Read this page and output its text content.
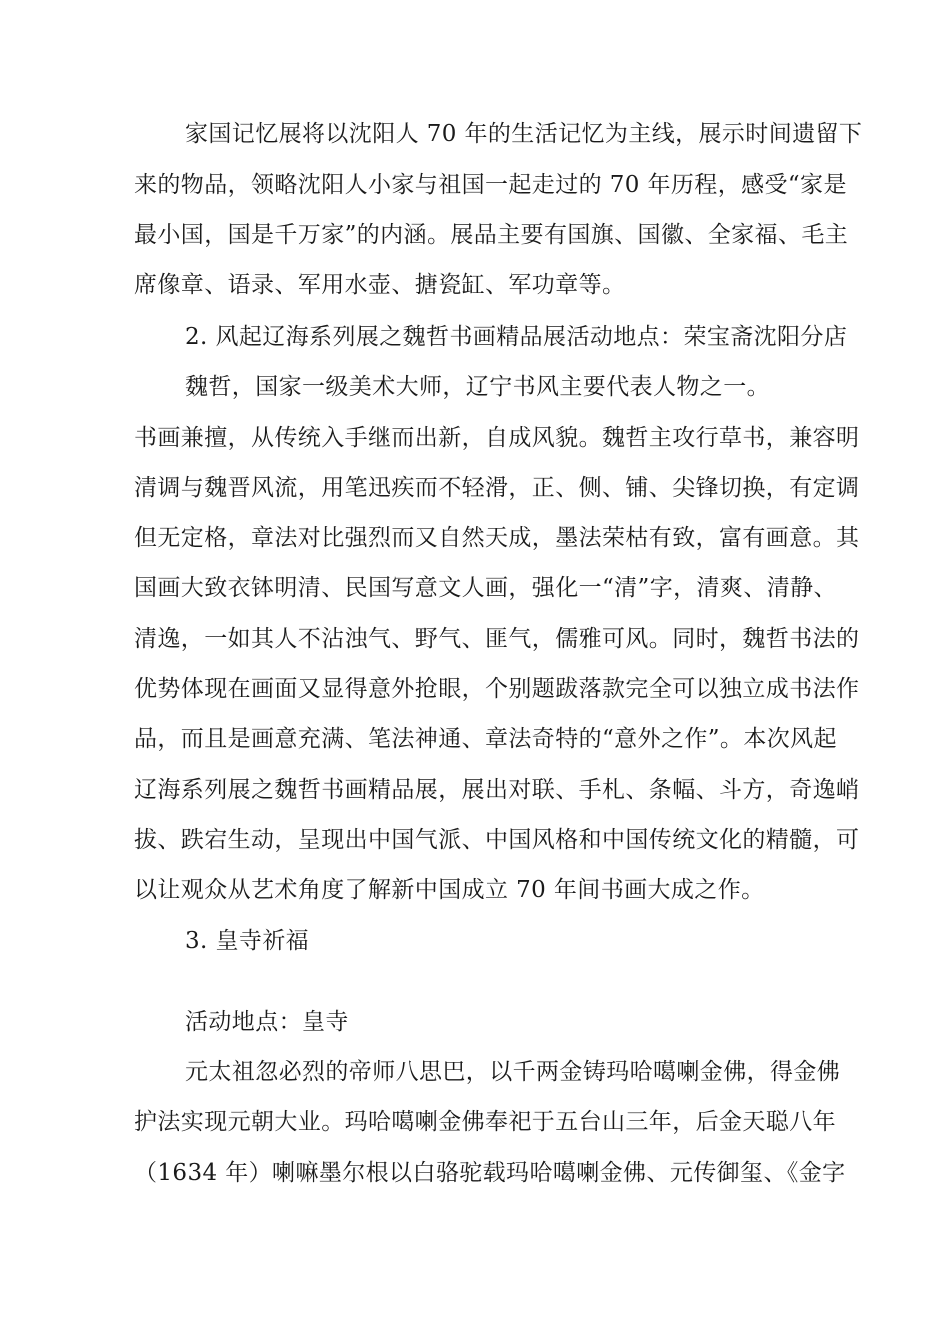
家国记忆展将以沈阳人 70 年的生活记忆为主线，展示时间遗留下
来的物品，领略沈阳人小家与祖国一起走过的 70 年历程，感受“家是
最小国，国是千万家”的内涵。展品主要有国旗、国徽、全家福、毛主
席像章、语录、军用水壶、搪瓷缸、军功章等。
2. 风起辽海系列展之魏哲书画精品展活动地点：荣宝斋沈阳分店
魏哲，国家一级美术大师，辽宁书风主要代表人物之一。
书画兼擅，从传统入手继而出新，自成风貌。魏哲主攻行草书，兼容明
清调与魏晋风流，用笔迅疾而不轻滑，正、侧、铺、尖锋切换，有定调
但无定格，章法对比强烈而又自然天成，墨法荣枯有致，富有画意。其
国画大致衣钵明清、民国写意文人画，强化一“清”字，清爽、清静、
清逸，一如其人不沾浊气、野气、匪气，儒雅可风。同时，魏哲书法的
优势体现在画面又显得意外抢眼，个别题跋落款完全可以独立成书法作
品，而且是画意充满、笔法神通、章法奇特的“意外之作”。本次风起
辽海系列展之魏哲书画精品展，展出对联、手札、条幅、斗方，奇逸峭
拔、跌宕生动，呈现出中国气派、中国风格和中国传统文化的精髓，可
以让观众从艺术角度了解新中国成立 70 年间书画大成之作。
3. 皇寺祈福
活动地点：皇寺
元太祖忽必烈的帝师八思巴，以千两金铸玛哈噶喇金佛，得金佛
护法实现元朝大业。玛哈噶喇金佛奉祀于五台山三年，后金天聪八年
（1634 年）喇嘛墨尔根以白骆驼载玛哈噶喇金佛、元传御玺、《金字
